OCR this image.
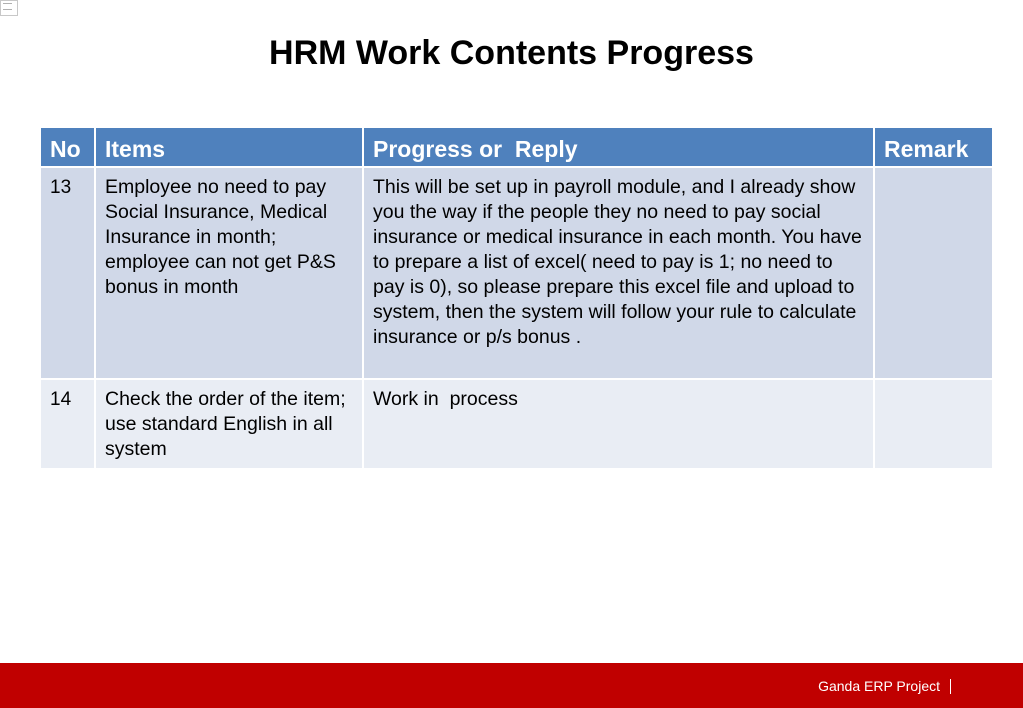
HRM Work Contents Progress
No	Items	Progress or  Reply	Remark
13	Employee no need to pay Social Insurance, Medical Insurance in month; employee can not get P&S bonus in month	This will be set up in payroll module, and I already show you the way if the people they no need to pay social insurance or medical insurance in each month. You have to prepare a list of excel( need to pay is 1; no need to pay is 0), so please prepare this excel file and upload to system, then the system will follow your rule to calculate insurance or p/s bonus .	
14	Check the order of the item; use standard English in all system	Work in  process	
Ganda ERP Project
